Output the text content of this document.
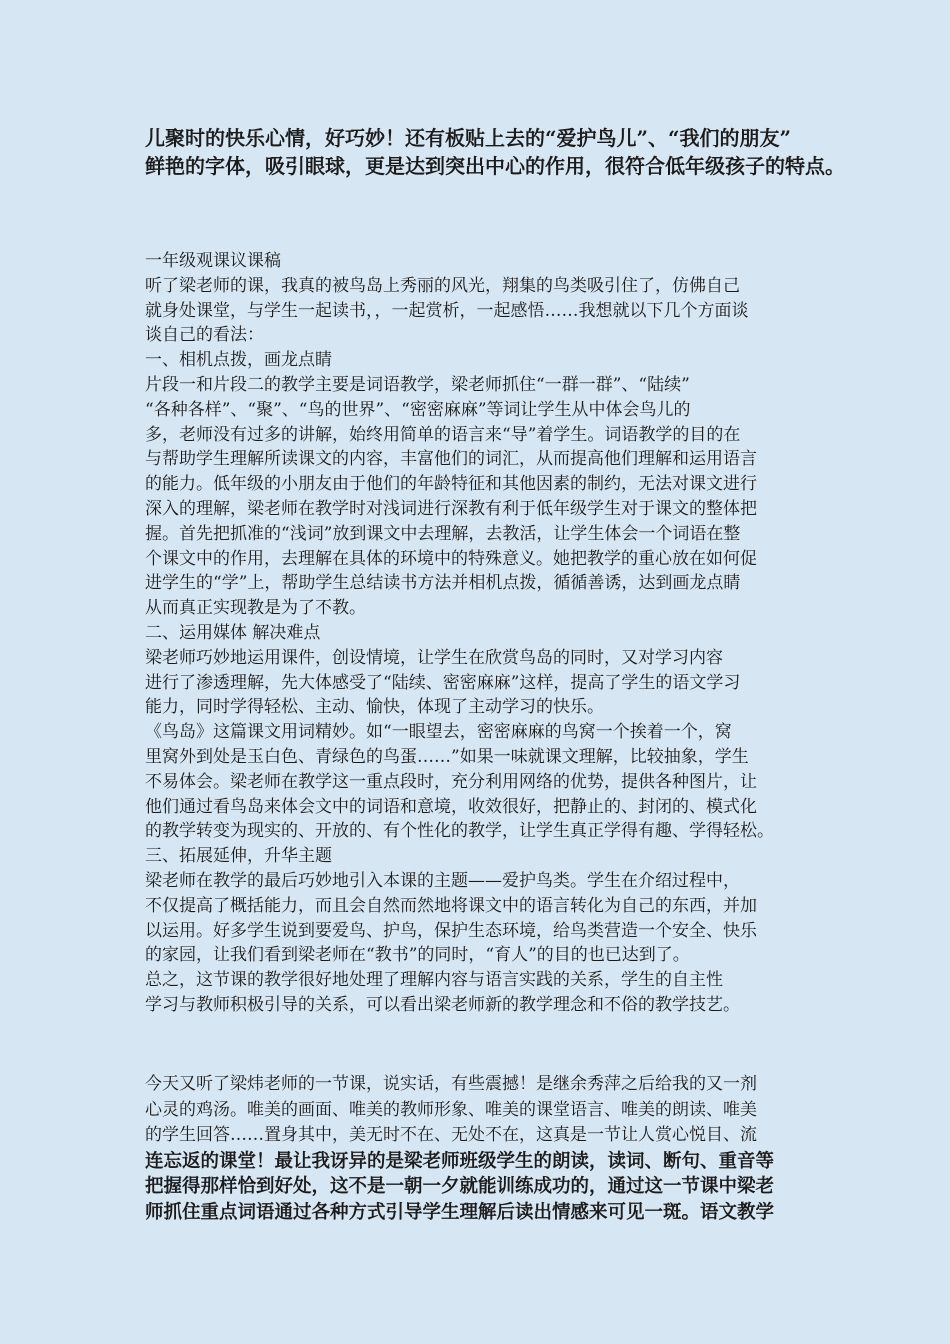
儿聚时的快乐心情，好巧妙！还有板贴上去的“爱护鸟儿”、“我们的朋友”
鲜艳的字体，吸引眼球，更是达到突出中心的作用，很符合低年级孩子的特点。
一年级观课议课稿
听了梁老师的课，我真的被鸟岛上秀丽的风光，翔集的鸟类吸引住了，仿佛自己
就身处课堂，与学生一起读书，，一起赏析，一起感悟……我想就以下几个方面谈
谈自己的看法：
一、相机点拨，画龙点睛
片段一和片段二的教学主要是词语教学，梁老师抓住“一群一群”、“陆续”
“各种各样”、“聚”、“鸟的世界”、“密密麻麻”等词让学生从中体会鸟儿的
多，老师没有过多的讲解，始终用简单的语言来“导”着学生。词语教学的目的在
与帮助学生理解所读课文的内容，丰富他们的词汇，从而提高他们理解和运用语言
的能力。低年级的小朋友由于他们的年龄特征和其他因素的制约，无法对课文进行
深入的理解，梁老师在教学时对浅词进行深教有利于低年级学生对于课文的整体把
握。首先把抓准的“浅词”放到课文中去理解，去教活，让学生体会一个词语在整
个课文中的作用，去理解在具体的环境中的特殊意义。她把教学的重心放在如何促
进学生的“学”上，帮助学生总结读书方法并相机点拨，循循善诱，达到画龙点睛
从而真正实现教是为了不教。
二、运用媒体 解决难点
梁老师巧妙地运用课件，创设情境，让学生在欣赏鸟岛的同时，又对学习内容
进行了渗透理解，先大体感受了“陆续、密密麻麻”这样，提高了学生的语文学习
能力，同时学得轻松、主动、愉快，体现了主动学习的快乐。
《鸟岛》这篇课文用词精妙。如“一眼望去，密密麻麻的鸟窝一个挨着一个，窝
里窝外到处是玉白色、青绿色的鸟蛋……”如果一味就课文理解，比较抽象，学生
不易体会。梁老师在教学这一重点段时，充分利用网络的优势，提供各种图片，让
他们通过看鸟岛来体会文中的词语和意境，收效很好，把静止的、封闭的、模式化
的教学转变为现实的、开放的、有个性化的教学，让学生真正学得有趣、学得轻松。
三、拓展延伸，升华主题
梁老师在教学的最后巧妙地引入本课的主题——爱护鸟类。学生在介绍过程中，
不仅提高了概括能力，而且会自然而然地将课文中的语言转化为自己的东西，并加
以运用。好多学生说到要爱鸟、护鸟，保护生态环境，给鸟类营造一个安全、快乐
的家园，让我们看到梁老师在“教书”的同时，“育人”的目的也已达到了。
总之，这节课的教学很好地处理了理解内容与语言实践的关系，学生的自主性
学习与教师积极引导的关系，可以看出梁老师新的教学理念和不俗的教学技艺。
今天又听了梁炜老师的一节课，说实话，有些震撼！是继余秀萍之后给我的又一剂
心灵的鸡汤。唯美的画面、唯美的教师形象、唯美的课堂语言、唯美的朗读、唯美
的学生回答……置身其中，美无时不在、无处不在，这真是一节让人赏心悦目、流
连忘返的课堂！最让我讶异的是梁老师班级学生的朗读，读词、断句、重音等
把握得那样恰到好处，这不是一朝一夕就能训练成功的，通过这一节课中梁老
师抓住重点词语通过各种方式引导学生理解后读出情感来可见一斑。语文教学
